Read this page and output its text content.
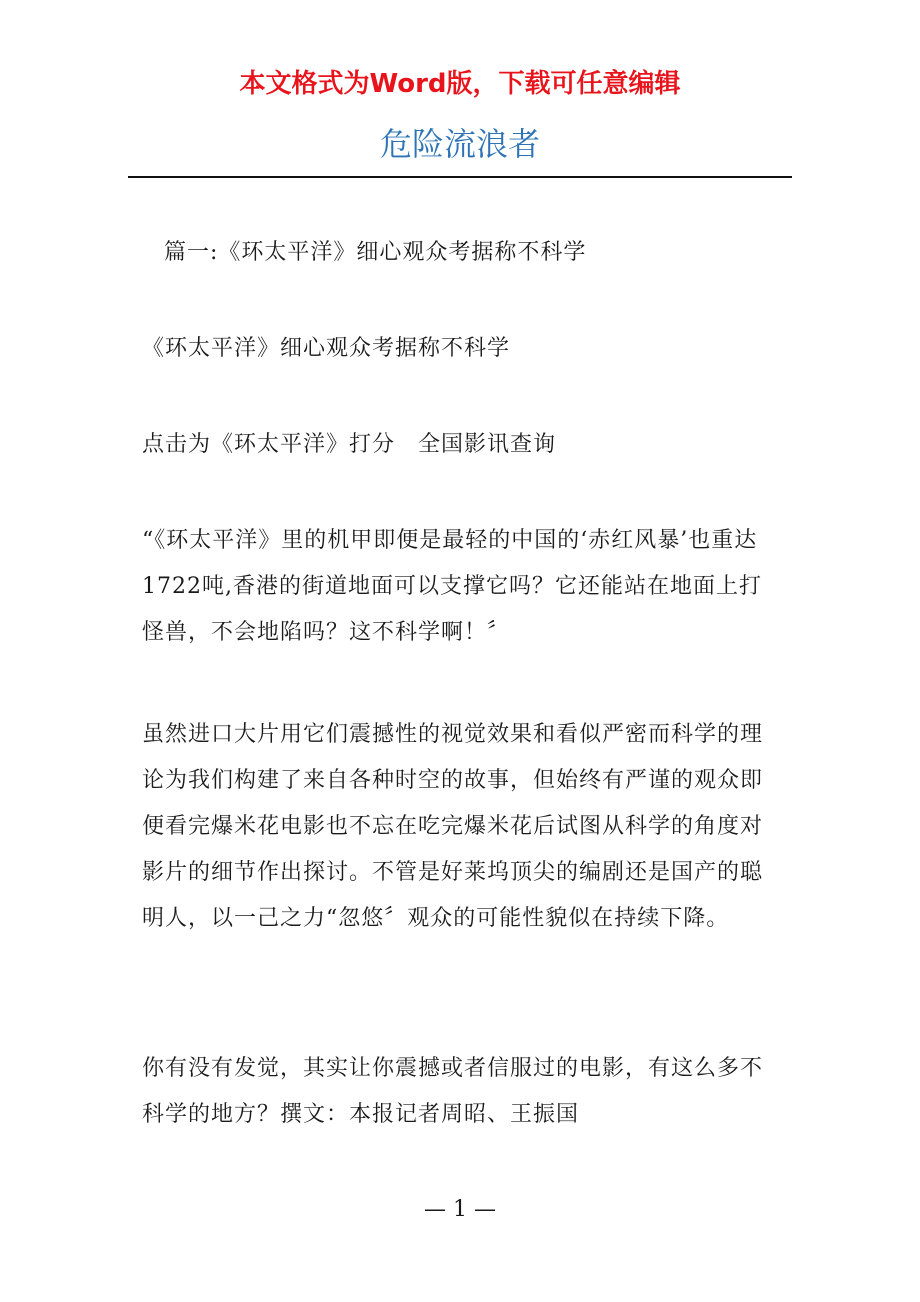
本文格式为Word版，下载可任意编辑
危险流浪者

篇一:《环太平洋》细心观众考据称不科学

《环太平洋》细心观众考据称不科学

点击为《环太平洋》打分　全国影讯查询

“《环太平洋》里的机甲即便是最轻的中国的‘赤红风暴’也重达1722吨,香港的街道地面可以支撑它吗？它还能站在地面上打怪兽，不会地陷吗？这不科学啊！〞

虽然进口大片用它们震撼性的视觉效果和看似严密而科学的理论为我们构建了来自各种时空的故事，但始终有严谨的观众即便看完爆米花电影也不忘在吃完爆米花后试图从科学的角度对影片的细节作出探讨。不管是好莱坞顶尖的编剧还是国产的聪明人，以一己之力“忽悠〞观众的可能性貌似在持续下降。

你有没有发觉，其实让你震撼或者信服过的电影，有这么多不科学的地方？撰文：本报记者周昭、王振国

— 1 —
